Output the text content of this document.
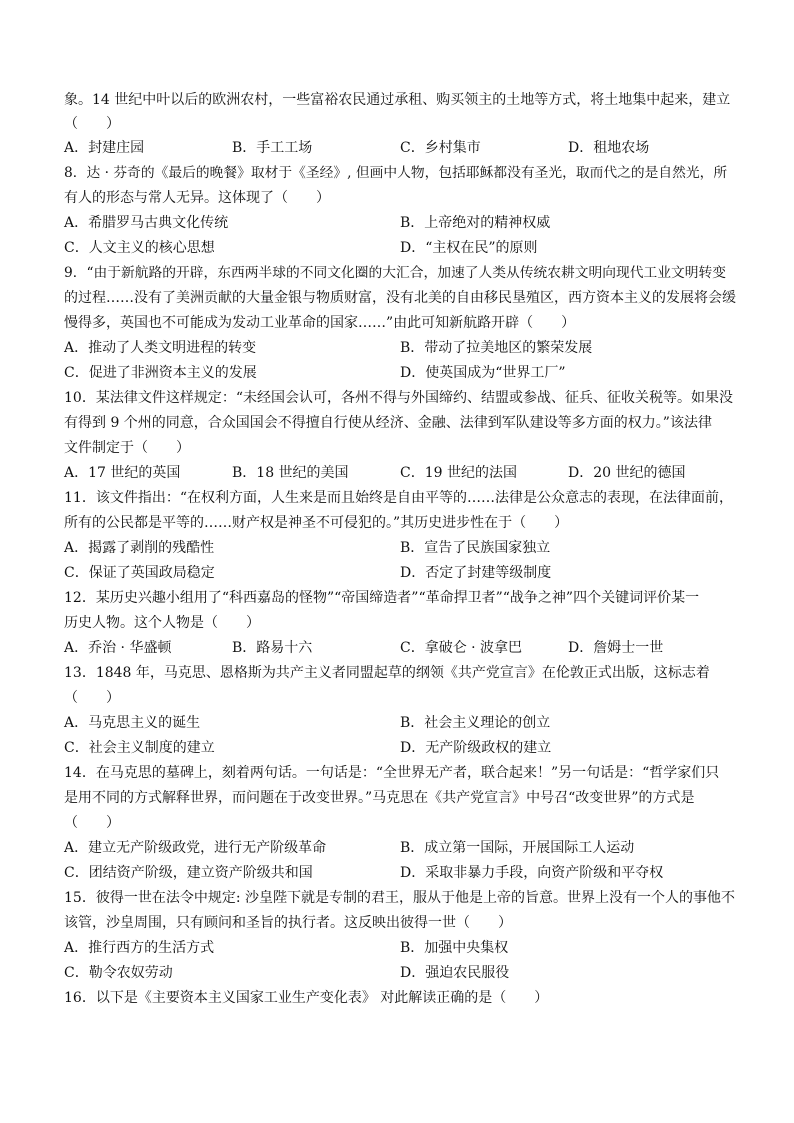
象。14 世纪中叶以后的欧洲农村，一些富裕农民通过承租、购买领主的土地等方式，将土地集中起来，建立
（　　）
A．封建庄园	B．手工工场	C．乡村集市	D．租地农场
8．达 · 芬奇的《最后的晚餐》取材于《圣经》, 但画中人物，包括耶稣都没有圣光，取而代之的是自然光，所
有人的形态与常人无异。这体现了（　　）
A．希腊罗马古典文化传统	B．上帝绝对的精神权威
C．人文主义的核心思想	D．“主权在民”的原则
9．“由于新航路的开辟，东西两半球的不同文化圈的大汇合，加速了人类从传统农耕文明向现代工业文明转变
的过程……没有了美洲贡献的大量金银与物质财富，没有北美的自由移民垦殖区，西方资本主义的发展将会缓
慢得多，英国也不可能成为发动工业革命的国家……”由此可知新航路开辟（　　）
A．推动了人类文明进程的转变	B．带动了拉美地区的繁荣发展
C．促进了非洲资本主义的发展	D．使英国成为“世界工厂”
10．某法律文件这样规定：“未经国会认可，各州不得与外国缔约、结盟或参战、征兵、征收关税等。如果没
有得到 9 个州的同意，合众国国会不得擅自行使从经济、金融、法律到军队建设等多方面的权力。”该法律
文件制定于（　　）
A．17 世纪的英国	B．18 世纪的美国	C．19 世纪的法国	D．20 世纪的德国
11．该文件指出：“在权利方面，人生来是而且始终是自由平等的……法律是公众意志的表现，在法律面前，
所有的公民都是平等的……财产权是神圣不可侵犯的。”其历史进步性在于（　　）
A．揭露了剥削的残酷性	B．宣告了民族国家独立
C．保证了英国政局稳定	D．否定了封建等级制度
12．某历史兴趣小组用了“科西嘉岛的怪物”“帝国缔造者”“革命捍卫者”“战争之神”四个关键词评价某一
历史人物。这个人物是（　　）
A．乔治 · 华盛顿	B．路易十六	C．拿破仑 · 波拿巴	D．詹姆士一世
13．1848 年，马克思、恩格斯为共产主义者同盟起草的纲领《共产党宣言》在伦敦正式出版，这标志着
（　　）
A．马克思主义的诞生	B．社会主义理论的创立
C．社会主义制度的建立	D．无产阶级政权的建立
14．在马克思的墓碑上，刻着两句话。一句话是：“全世界无产者，联合起来！”另一句话是：“哲学家们只
是用不同的方式解释世界，而问题在于改变世界。”马克思在《共产党宣言》中号召“改变世界”的方式是
（　　）
A．建立无产阶级政党，进行无产阶级革命	B．成立第一国际，开展国际工人运动
C．团结资产阶级，建立资产阶级共和国	D．采取非暴力手段，向资产阶级和平夺权
15．彼得一世在法令中规定: 沙皇陛下就是专制的君王，服从于他是上帝的旨意。世界上没有一个人的事他不
该管，沙皇周围，只有顾问和圣旨的执行者。这反映出彼得一世（　　）
A．推行西方的生活方式	B．加强中央集权
C．勒令农奴劳动	D．强迫农民服役
16．以下是《主要资本主义国家工业生产变化表》 对此解读正确的是（　　）
